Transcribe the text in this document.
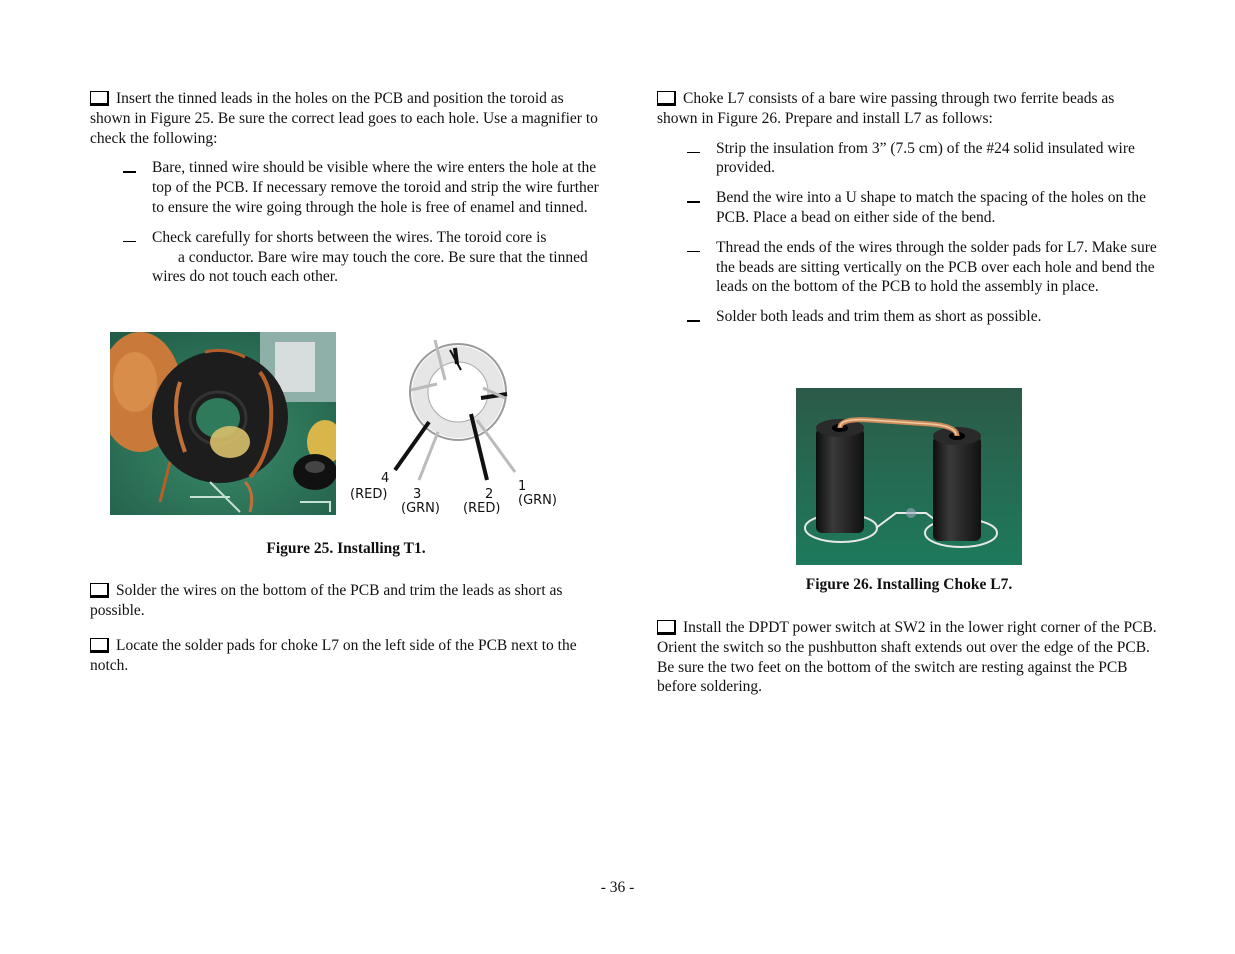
Insert the tinned leads in the holes on the PCB and position the toroid as shown in Figure 25. Be sure the correct lead goes to each hole. Use a magnifier to check the following:

Bare, tinned wire should be visible where the wire enters the hole at the top of the PCB. If necessary remove the toroid and strip the wire further to ensure the wire going through the hole is free of enamel and tinned.
Check carefully for shorts between the wires. The toroid core is
a conductor. Bare wire may touch the core. Be sure that the tinned wires do not touch each other.
4
(RED) 3
(GRN)
2
(RED)
1
(GRN)
Figure 25. Installing T1.

Solder the wires on the bottom of the PCB and trim the leads as short as possible.

Locate the solder pads for choke L7 on the left side of the PCB next to the notch.

Choke L7 consists of a bare wire passing through two ferrite beads as shown in Figure 26. Prepare and install L7 as follows:

Strip the insulation from 3” (7.5 cm) of the #24 solid insulated wire provided.
Bend the wire into a U shape to match the spacing of the holes on the PCB. Place a bead on either side of the bend.
Thread the ends of the wires through the solder pads for L7. Make sure the beads are sitting vertically on the PCB over each hole and bend the leads on the bottom of the PCB to hold the assembly in place.
Solder both leads and trim them as short as possible.
Figure 26. Installing Choke L7.

Install the DPDT power switch at SW2 in the lower right corner of the PCB. Orient the switch so the pushbutton shaft extends out over the edge of the PCB. Be sure the two feet on the bottom of the switch are resting against the PCB before soldering.

- 36 -
